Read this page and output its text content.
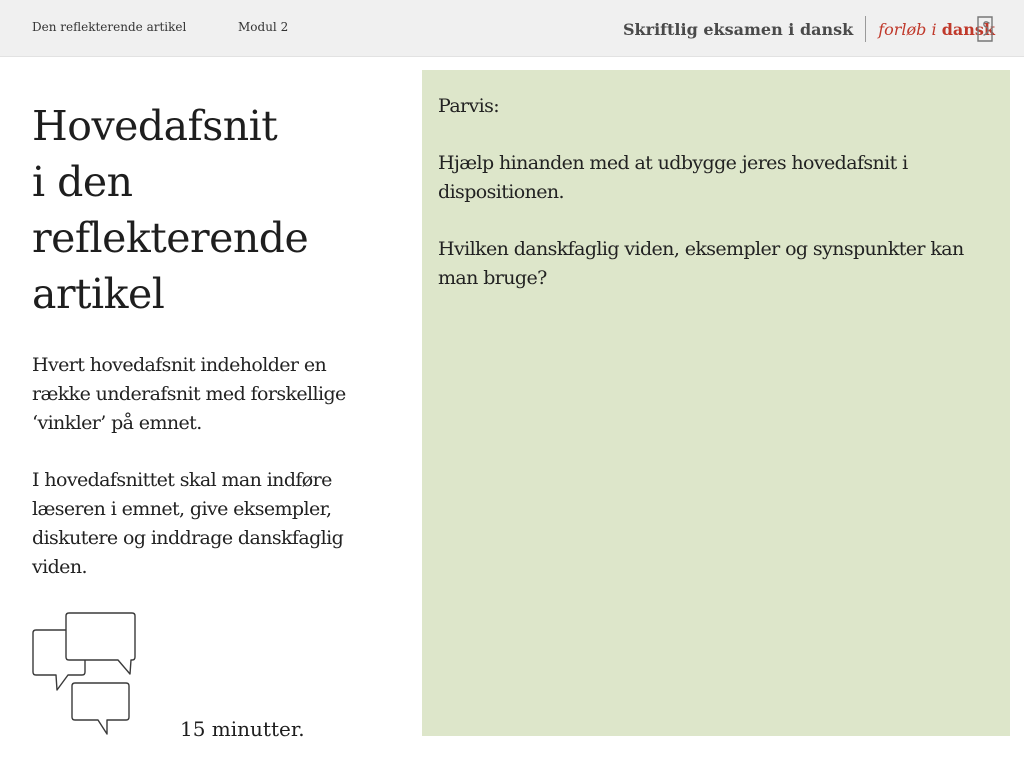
Den reflekterende artikel	Modul 2	Skriftlig eksamen i dansk forløb i dansk
Hovedafsnit
i den
reflekterende
artikel

Hvert hovedafsnit indeholder en række underafsnit med forskellige ‘vinkler’ på emnet.

I hovedafsnittet skal man indføre læseren i emnet, give eksempler, diskutere og inddrage danskfaglig viden.

15 minutter.

Parvis:

Hjælp hinanden med at udbygge jeres hovedafsnit i dispositionen.

Hvilken danskfaglig viden, eksempler og synspunkter kan man bruge?
